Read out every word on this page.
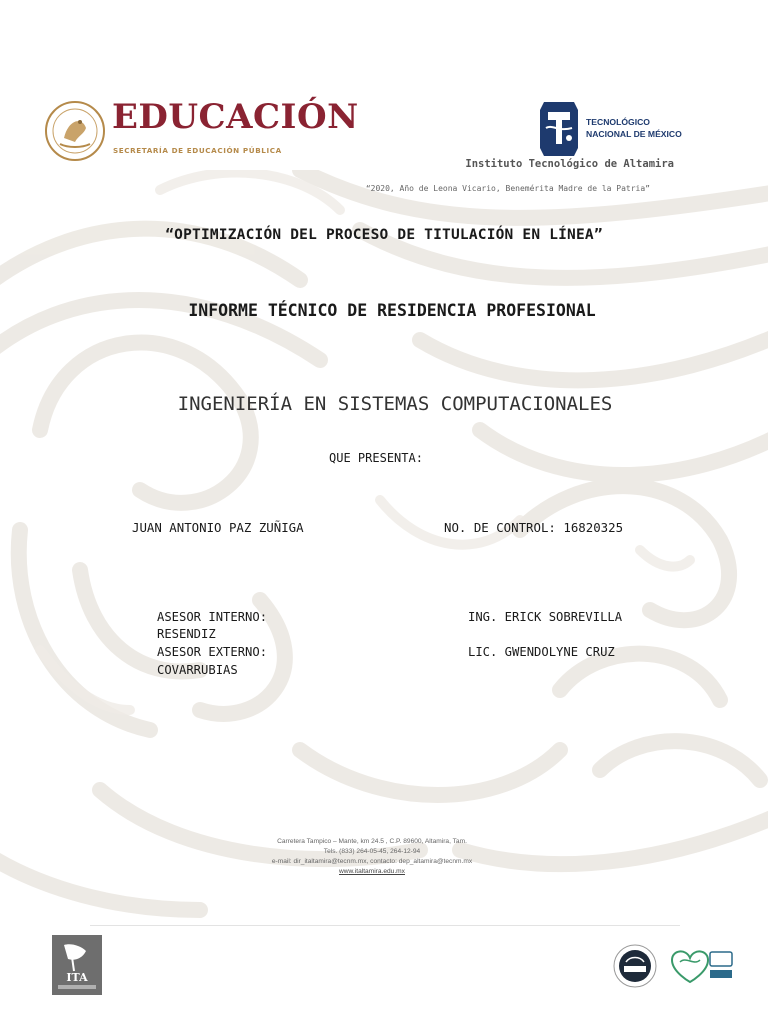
EDUCACIÓN
SECRETARÍA DE EDUCACIÓN PÚBLICA
TECNOLÓGICO
NACIONAL DE MÉXICO
Instituto Tecnológico de Altamira
“2020, Año de Leona Vicario, Benemérita Madre de la Patria”
“OPTIMIZACIÓN DEL PROCESO DE TITULACIÓN EN LÍNEA”
INFORME TÉCNICO DE RESIDENCIA PROFESIONAL
INGENIERÍA EN SISTEMAS COMPUTACIONALES
QUE PRESENTA:
JUAN ANTONIO PAZ ZUÑIGA	NO. DE CONTROL: 16820325
ASESOR INTERNO:	ING. ERICK SOBREVILLA
RESENDIZ
ASESOR EXTERNO:	LIC. GWENDOLYNE CRUZ
COVARRUBIAS
Carretera Tampico – Mante, km 24.5 , C.P. 89600, Altamira, Tam.
Tels. (833) 264-05-45, 264-12-94
e-mail: dir_italtamira@tecnm.mx, contacto: dep_altamira@tecnm.mx
www.italtamira.edu.mx
ITA
